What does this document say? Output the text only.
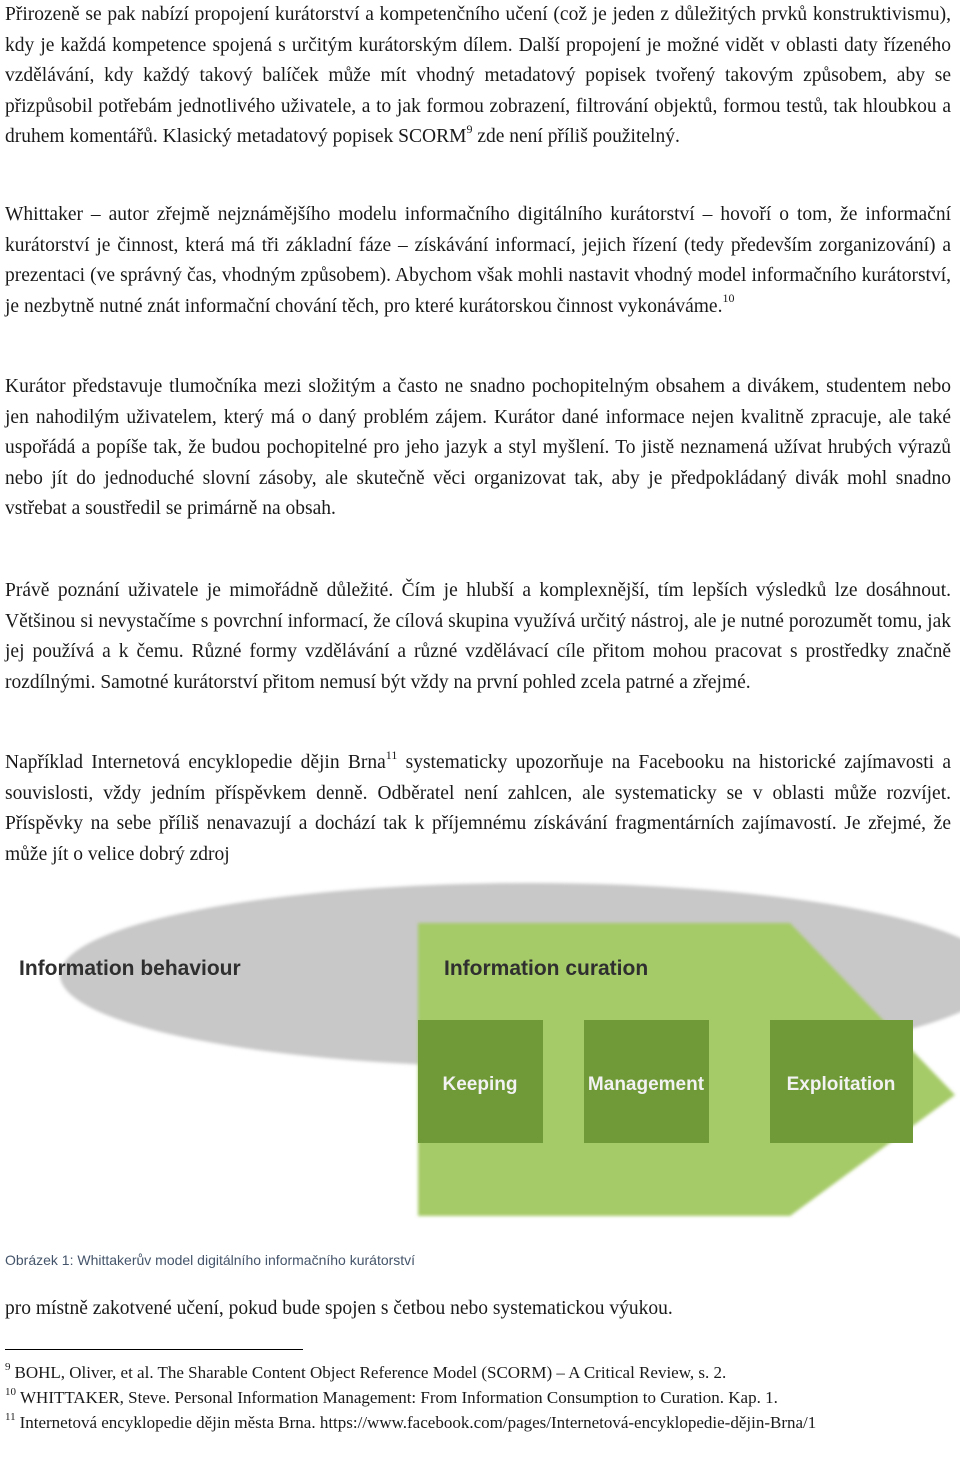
Přirozeně se pak nabízí propojení kurátorství a kompetenčního učení (což je jeden z důležitých prvků konstruktivismu), kdy je každá kompetence spojená s určitým kurátorským dílem. Další propojení je možné vidět v oblasti daty řízeného vzdělávání, kdy každý takový balíček může mít vhodný metadatový popisek tvořený takovým způsobem, aby se přizpůsobil potřebám jednotlivého uživatele, a to jak formou zobrazení, filtrování objektů, formou testů, tak hloubkou a druhem komentářů. Klasický metadatový popisek SCORM$^9$ zde není příliš použitelný.

Whittaker – autor zřejmě nejznámějšího modelu informačního digitálního kurátorství – hovoří o tom, že informační kurátorství je činnost, která má tři základní fáze – získávání informací, jejich řízení (tedy především zorganizování) a prezentaci (ve správný čas, vhodným způsobem). Abychom však mohli nastavit vhodný model informačního kurátorství, je nezbytně nutné znát informační chování těch, pro které kurátorskou činnost vykonáváme.$^{10}$

Kurátor představuje tlumočníka mezi složitým a často ne snadno pochopitelným obsahem a divákem, studentem nebo jen nahodilým uživatelem, který má o daný problém zájem. Kurátor dané informace nejen kvalitně zpracuje, ale také uspořádá a popíše tak, že budou pochopitelné pro jeho jazyk a styl myšlení. To jistě neznamená užívat hrubých výrazů nebo jít do jednoduché slovní zásoby, ale skutečně věci organizovat tak, aby je předpokládaný divák mohl snadno vstřebat a soustředil se primárně na obsah.

Právě poznání uživatele je mimořádně důležité. Čím je hlubší a komplexnější, tím lepších výsledků lze dosáhnout. Většinou si nevystačíme s povrchní informací, že cílová skupina využívá určitý nástroj, ale je nutné porozumět tomu, jak jej používá a k čemu. Různé formy vzdělávání a různé vzdělávací cíle přitom mohou pracovat s prostředky značně rozdílnými. Samotné kurátorství přitom nemusí být vždy na první pohled zcela patrné a zřejmé.

Například Internetová encyklopedie dějin Brna$^{11}$ systematicky upozorňuje na Facebooku na historické zajímavosti a souvislosti, vždy jedním příspěvkem denně. Odběratel není zahlcen, ale systematicky se v oblasti může rozvíjet. Příspěvky na sebe příliš nenavazují a dochází tak k příjemnému získávání fragmentárních zajímavostí. Je zřejmé, že může jít o velice dobrý zdroj

Information behaviour	Information curation
Keeping	Management	Exploitation
Obrázek 1: Whittakerův model digitálního informačního kurátorství

pro místně zakotvené učení, pokud bude spojen s četbou nebo systematickou výukou.

$^9$ BOHL, Oliver, et al. The Sharable Content Object Reference Model (SCORM) – A Critical Review, s. 2.

$^{10}$ WHITTAKER, Steve. Personal Information Management: From Information Consumption to Curation. Kap. 1.

$^{11}$ Internetová encyklopedie dějin města Brna. https://www.facebook.com/pages/Internetová-encyklopedie-dějin-Brna/1
